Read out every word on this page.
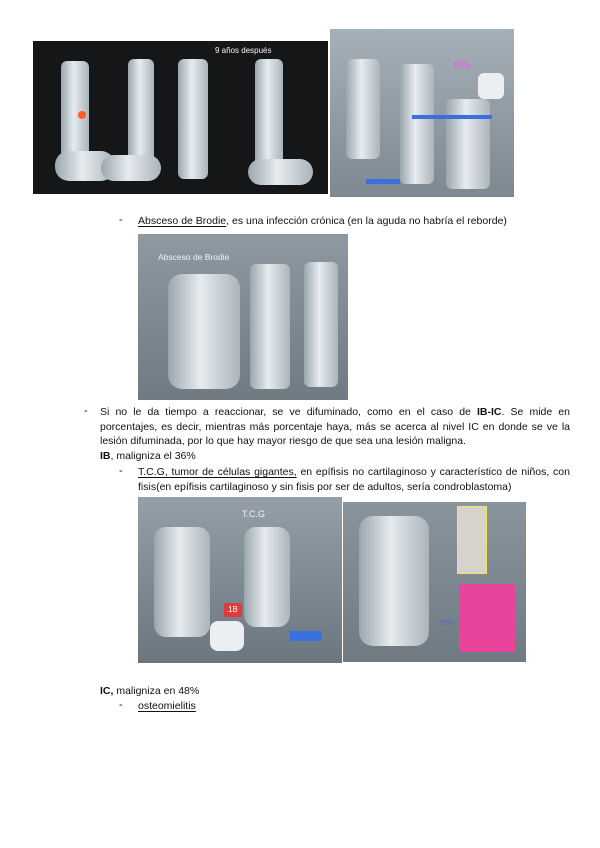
9 años después
6%
- Absceso de Brodie, es una infección crónica (en la aguda no habría el reborde)
Absceso de Brodie
- Si no le da tiempo a reaccionar, se ve difuminado, como en el caso de IB-IC. Se mide en porcentajes, es decir, mientras más porcentaje haya, más se acerca al nivel IC en donde se ve la lesión difuminada, por lo que hay mayor riesgo de que sea una lesión maligna.
IB, maligniza el 36%
- T.C.G, tumor de células gigantes, en epífisis no cartilaginoso y característico de niños, con fisis(en epífisis cartilaginoso y sin fisis por ser de adultos, sería condroblastoma)
T.C.G
1B
TCG
IC, maligniza en 48%
- osteomielitis
